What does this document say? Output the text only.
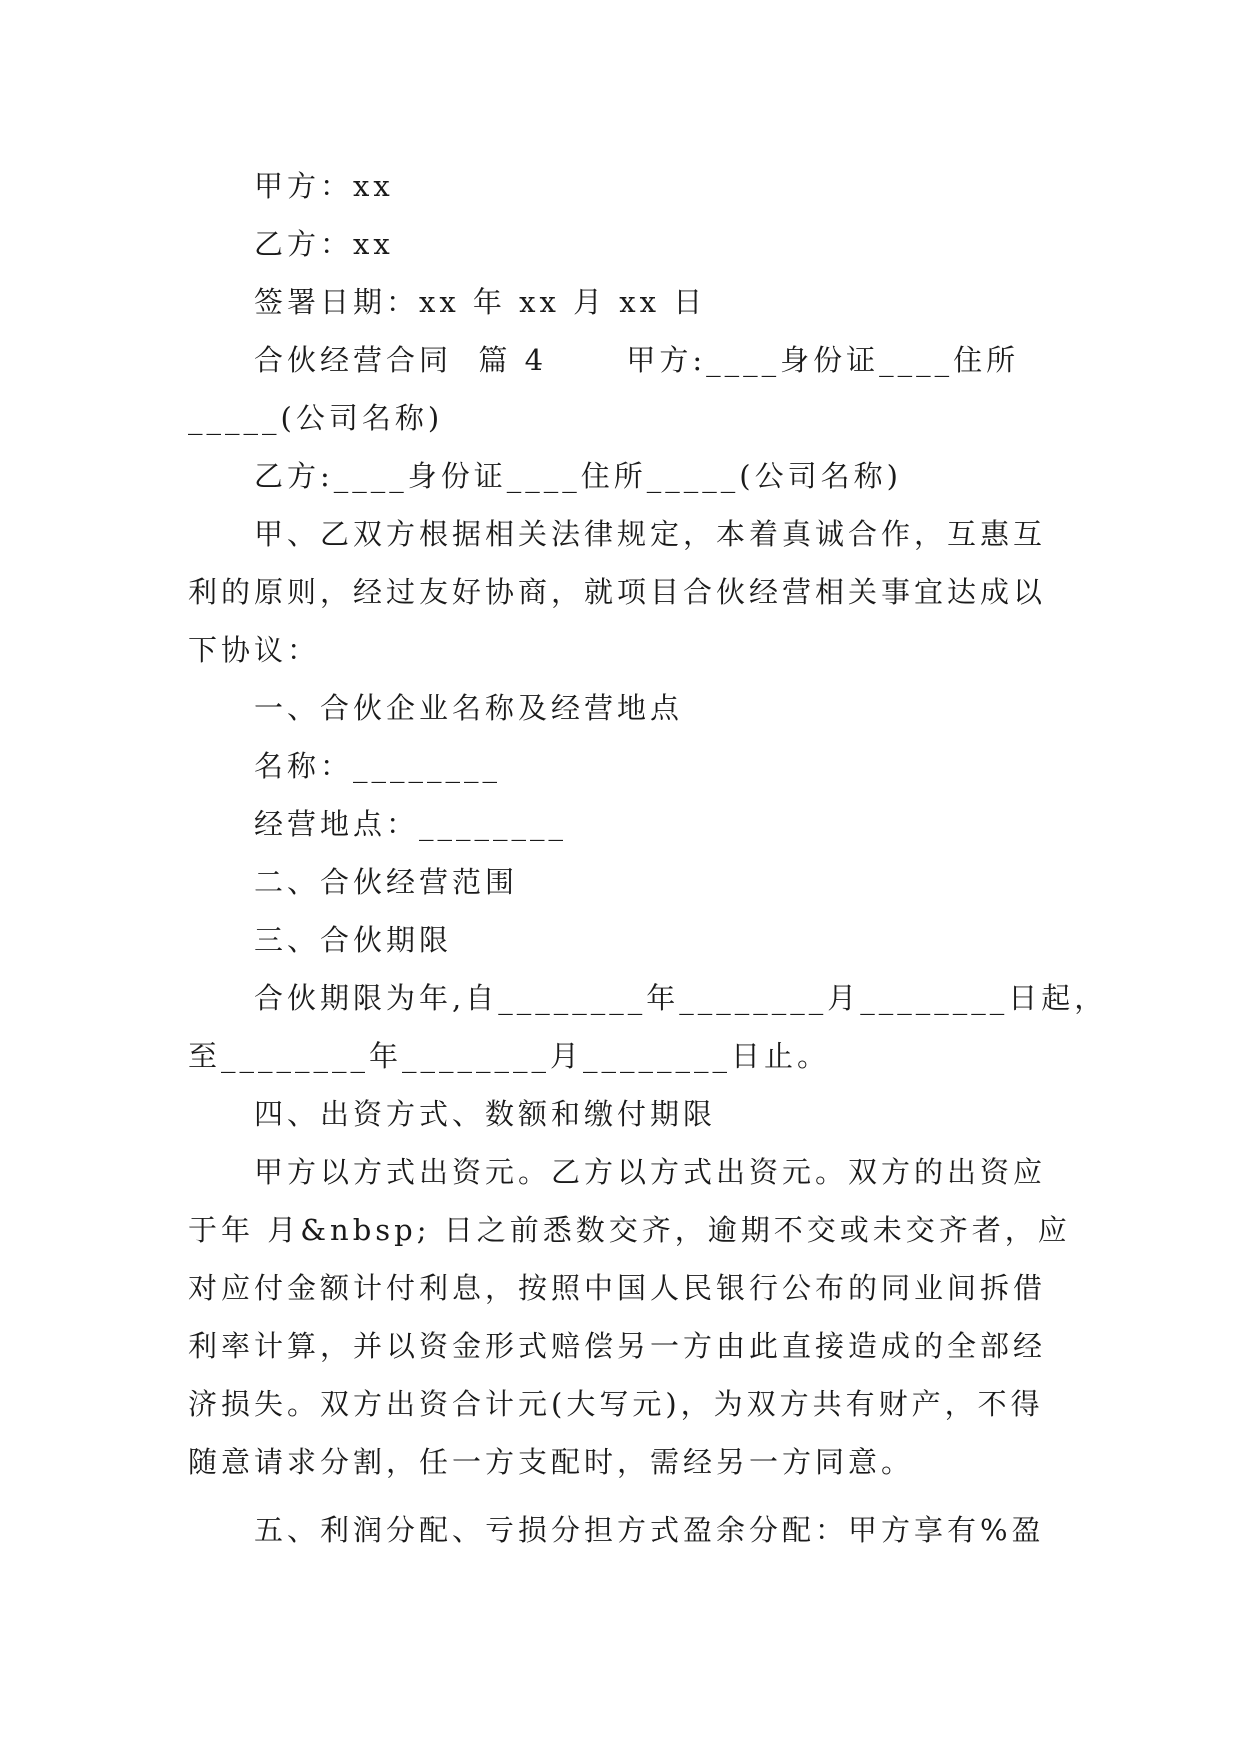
甲方：xx
乙方：xx
签署日期：xx 年 xx 月 xx 日
合伙经营合同  篇 4      甲方:____身份证____住所
_____(公司名称)
乙方:____身份证____住所_____(公司名称)
甲、乙双方根据相关法律规定，本着真诚合作，互惠互
利的原则，经过友好协商，就项目合伙经营相关事宜达成以
下协议：
一、合伙企业名称及经营地点
名称：________
经营地点：________
二、合伙经营范围
三、合伙期限
合伙期限为年,自________年________月________日起，
至________年________月________日止。
四、出资方式、数额和缴付期限
甲方以方式出资元。乙方以方式出资元。双方的出资应
于年 月&nbsp; 日之前悉数交齐，逾期不交或未交齐者，应
对应付金额计付利息，按照中国人民银行公布的同业间拆借
利率计算，并以资金形式赔偿另一方由此直接造成的全部经
济损失。双方出资合计元(大写元)，为双方共有财产，不得
随意请求分割，任一方支配时，需经另一方同意。
五、利润分配、亏损分担方式盈余分配：甲方享有%盈
